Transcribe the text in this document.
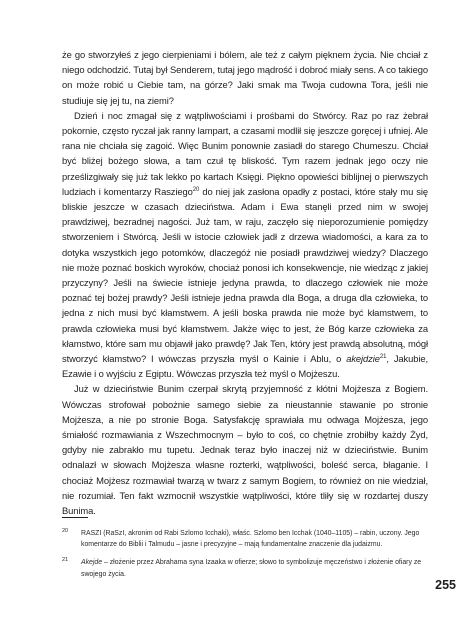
że go stworzyłeś z jego cierpieniami i bólem, ale też z całym pięknem życia. Nie chciał z niego odchodzić. Tutaj był Senderem, tutaj jego mądrość i dobroć miały sens. A co takiego on może robić u Ciebie tam, na górze? Jaki smak ma Twoja cudowna Tora, jeśli nie studiuje się jej tu, na ziemi?

Dzień i noc zmagał się z wątpliwościami i prośbami do Stwórcy. Raz po raz żebrał pokornie, często ryczał jak ranny lampart, a czasami modlił się jeszcze goręcej i ufniej. Ale rana nie chciała się zagoić. Więc Bunim ponownie zasiadł do starego Chumeszu. Chciał być bliżej bożego słowa, a tam czuł tę bliskość. Tym razem jednak jego oczy nie prześlizgiwały się już tak lekko po kartach Księgi. Piękno opowieści biblijnej o pierwszych ludziach i komentarzy Rasziego$^{20}$ do niej jak zasłona opadły z postaci, które stały mu się bliskie jeszcze w czasach dzieciństwa. Adam i Ewa stanęli przed nim w swojej prawdziwej, bezradnej nagości. Już tam, w raju, zaczęło się nieporozumienie pomiędzy stworzeniem i Stwórcą. Jeśli w istocie człowiek jadł z drzewa wiadomości, a kara za to dotyka wszystkich jego potomków, dlaczegóż nie posiadł prawdziwej wiedzy? Dlaczego nie może poznać boskich wyroków, chociaż ponosi ich konsekwencje, nie wiedząc z jakiej przyczyny? Jeśli na świecie istnieje jedyna prawda, to dlaczego człowiek nie może poznać tej bożej prawdy? Jeśli istnieje jedna prawda dla Boga, a druga dla człowieka, to jedna z nich musi być kłamstwem. A jeśli boska prawda nie może być kłamstwem, to prawda człowieka musi być kłamstwem. Jakże więc to jest, że Bóg karze człowieka za kłamstwo, które sam mu objawił jako prawdę? Jak Ten, który jest prawdą absolutną, mógł stworzyć kłamstwo? I wówczas przyszła myśl o Kainie i Ablu, o akejdzie$^{21}$, Jakubie, Ezawie i o wyjściu z Egiptu. Wówczas przyszła też myśl o Mojżeszu.

Już w dzieciństwie Bunim czerpał skrytą przyjemność z kłótni Mojżesza z Bogiem. Wówczas strofował pobożnie samego siebie za nieustannie stawanie po stronie Mojżesza, a nie po stronie Boga. Satysfakcję sprawiała mu odwaga Mojżesza, jego śmiałość rozmawiania z Wszechmocnym – było to coś, co chętnie zrobiłby każdy Żyd, gdyby nie zabrakło mu tupetu. Jednak teraz było inaczej niż w dzieciństwie. Bunim odnalazł w słowach Mojżesza własne rozterki, wątpliwości, boleść serca, błaganie. I chociaż Mojżesz rozmawiał twarzą w twarz z samym Bogiem, to również on nie wiedział, nie rozumiał. Ten fakt wzmocnił wszystkie wątpliwości, które tliły się w rozdartej duszy Bunima.

20	RASZI (RaSzI, akronim od Rabi Szlomo Icchaki), właśc. Szlomo ben Icchak (1040–1105) – rabin, uczony. Jego komentarze do Biblii i Talmudu – jasne i precyzyjne – mają fundamentalne znaczenie dla judaizmu.
21	Akejde – złożenie przez Abrahama syna Izaaka w ofierze; słowo to symbolizuje męczeństwo i złożenie ofiary ze swojego życia.
255
